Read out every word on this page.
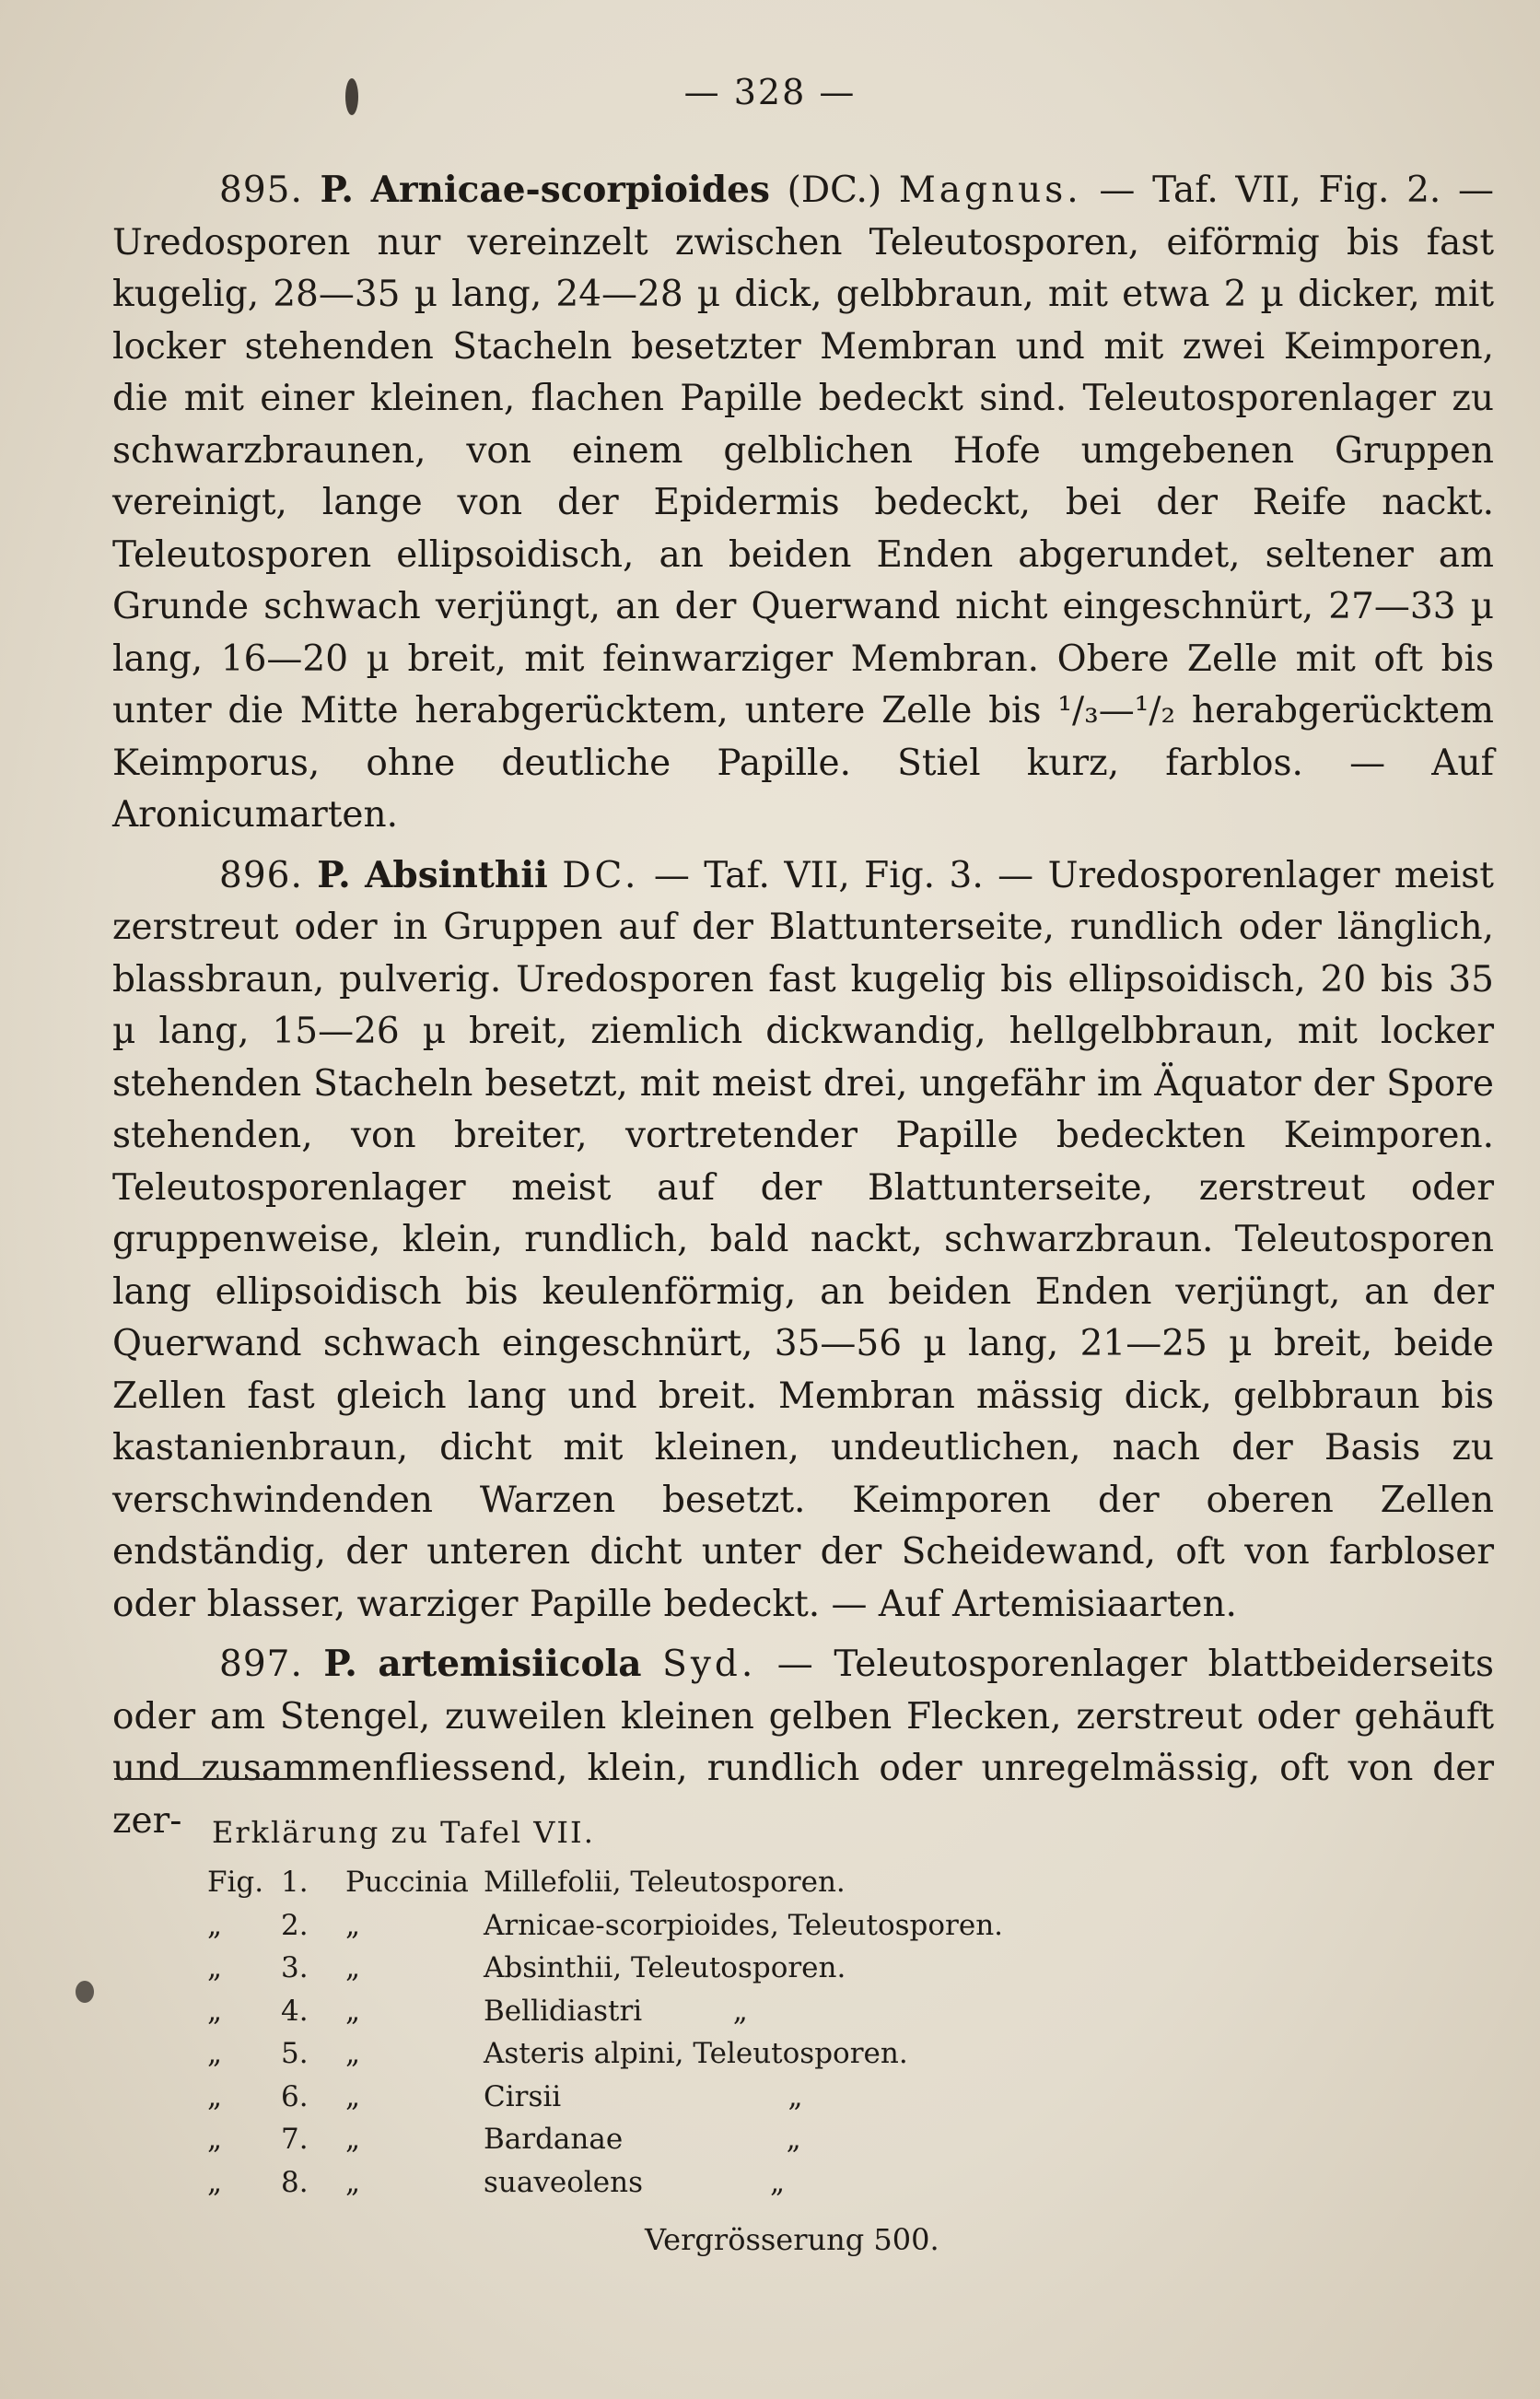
— 328 —

895. P. Arnicae-scorpioides (DC.) Magnus. — Taf. VII, Fig. 2. — Uredosporen nur vereinzelt zwischen Teleutosporen, eiförmig bis fast kugelig, 28—35 µ lang, 24—28 µ dick, gelbbraun, mit etwa 2 µ dicker, mit locker stehenden Stacheln besetzter Membran und mit zwei Keimporen, die mit einer kleinen, flachen Papille bedeckt sind. Teleutosporenlager zu schwarzbraunen, von einem gelblichen Hofe umgebenen Gruppen vereinigt, lange von der Epidermis bedeckt, bei der Reife nackt. Teleutosporen ellipsoidisch, an beiden Enden abgerundet, seltener am Grunde schwach verjüngt, an der Querwand nicht eingeschnürt, 27—33 µ lang, 16—20 µ breit, mit feinwarziger Membran. Obere Zelle mit oft bis unter die Mitte herabgerücktem, untere Zelle bis ¹/₃—¹/₂ herabgerücktem Keimporus, ohne deutliche Papille. Stiel kurz, farblos. — Auf Aronicumarten.

896. P. Absinthii DC. — Taf. VII, Fig. 3. — Uredosporenlager meist zerstreut oder in Gruppen auf der Blattunterseite, rundlich oder länglich, blassbraun, pulverig. Uredosporen fast kugelig bis ellipsoidisch, 20 bis 35 µ lang, 15—26 µ breit, ziemlich dickwandig, hellgelbbraun, mit locker stehenden Stacheln besetzt, mit meist drei, ungefähr im Äquator der Spore stehenden, von breiter, vortretender Papille bedeckten Keimporen. Teleutosporenlager meist auf der Blattunterseite, zerstreut oder gruppenweise, klein, rundlich, bald nackt, schwarzbraun. Teleutosporen lang ellipsoidisch bis keulenförmig, an beiden Enden verjüngt, an der Querwand schwach eingeschnürt, 35—56 µ lang, 21—25 µ breit, beide Zellen fast gleich lang und breit. Membran mässig dick, gelbbraun bis kastanienbraun, dicht mit kleinen, undeutlichen, nach der Basis zu verschwindenden Warzen besetzt. Keimporen der oberen Zellen endständig, der unteren dicht unter der Scheidewand, oft von farbloser oder blasser, warziger Papille bedeckt. — Auf Artemisiaarten.

897. P. artemisiicola Syd. — Teleutosporenlager blattbeiderseits oder am Stengel, zuweilen kleinen gelben Flecken, zerstreut oder gehäuft und zusammenfliessend, klein, rundlich oder unregelmässig, oft von der zer-	Erklärung zu Tafel VII.
Fig.	1.	Puccinia	Millefolii, Teleutosporen.
„	2.	„	Arnicae-scorpioides, Teleutosporen.
„	3.	„	Absinthii, Teleutosporen.
„	4.	„	Bellidiastri          „
„	5.	„	Asteris alpini, Teleutosporen.
„	6.	„	Cirsii                         „
„	7.	„	Bardanae                  „
„	8.	„	suaveolens              „
Vergrösserung 500.
